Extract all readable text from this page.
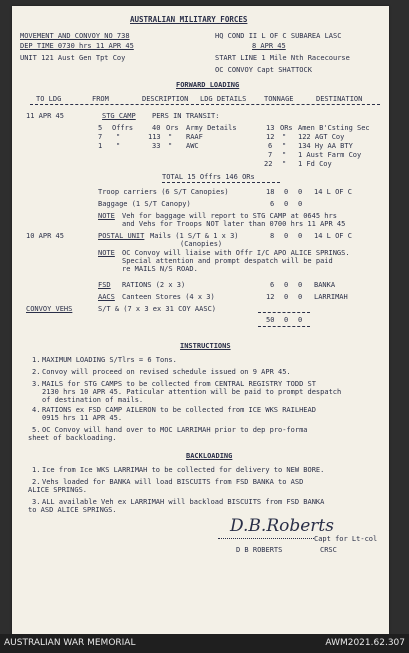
AUSTRALIAN MILITARY FORCES
MOVEMENT AND CONVOY NO 738	HQ COND II L OF C SUBAREA LASC
DEP TIME 0730 hrs 11 APR 45	8 APR 45
UNIT 121 Aust Gen Tpt Coy	START LINE 1 Mile Nth Racecourse
OC CONVOY Capt SHATTOCK
FORWARD LOADING
TO LDG	FROM	DESCRIPTION LDG DETAILS	TONNAGE	DESTINATION
11 APR 45	STG CAMP PERS IN TRANSIT:
5 Offrs	40 Ors Army Details	13 ORs Amen B'Csting Sec
7 "	113 " RAAF	12 " 122 AGT Coy
1 "	33 " AWC	6 " 134 Hy AA BTY
7 " 1 Aust Farm Coy
22 " 1 Fd Coy
TOTAL 15 Offrs 146 ORs
Troop carriers (6 S/T Canopies)	18 0 0 14 L OF C
Baggage (1 S/T Canopy)	6 0 0
NOTE Veh for baggage will report to STG CAMP at 0645 hrs
and Vehs for Troops NOT later than 0700 hrs 11 APR 45
10 APR 45	POSTAL UNIT Mails (1 S/T & 1 x 3)	8 0 0 14 L OF C
(Canopies)
NOTE OC Convoy will liaise with Offr I/C APO ALICE SPRINGS.
Special attention and prompt despatch will be paid
re MAILS N/S ROAD.
FSD RATIONS (2 x 3)	6 0 0 BANKA
AACS Canteen Stores (4 x 3)	12 0 0 LARRIMAH
CONVOY VEHS	S/T & (7 x 3 ex 31 COY AASC)
50 0 0
INSTRUCTIONS
1. MAXIMUM LOADING S/Tlrs = 6 Tons.
2. Convoy will proceed on revised schedule issued on 9 APR 45.
3. MAILS for STG CAMPS to be collected from CENTRAL REGISTRY TODD ST
2130 hrs 10 APR 45. Paticular attention will be paid to prompt despatch
of destination of mails.
4. RATIONS ex FSD CAMP AILERON to be collected from ICE WKS RAILHEAD
0915 hrs 11 APR 45.
5. OC Convoy will hand over to MOC LARRIMAH prior to dep pro-forma
sheet of backloading.
BACKLOADING
1. Ice from Ice WKS LARRIMAH to be collected for delivery to NEW BORE.
2. Vehs loaded for BANKA will load BISCUITS from FSD BANKA to ASD
ALICE SPRINGS.
3. ALL available Veh ex LARRIMAH will backload BISCUITS from FSD BANKA
to ASD ALICE SPRINGS.
D.B.Roberts
Capt for Lt-col
D B ROBERTS	CRSC
AUSTRALIAN WAR MEMORIAL	AWM2021.62.307
